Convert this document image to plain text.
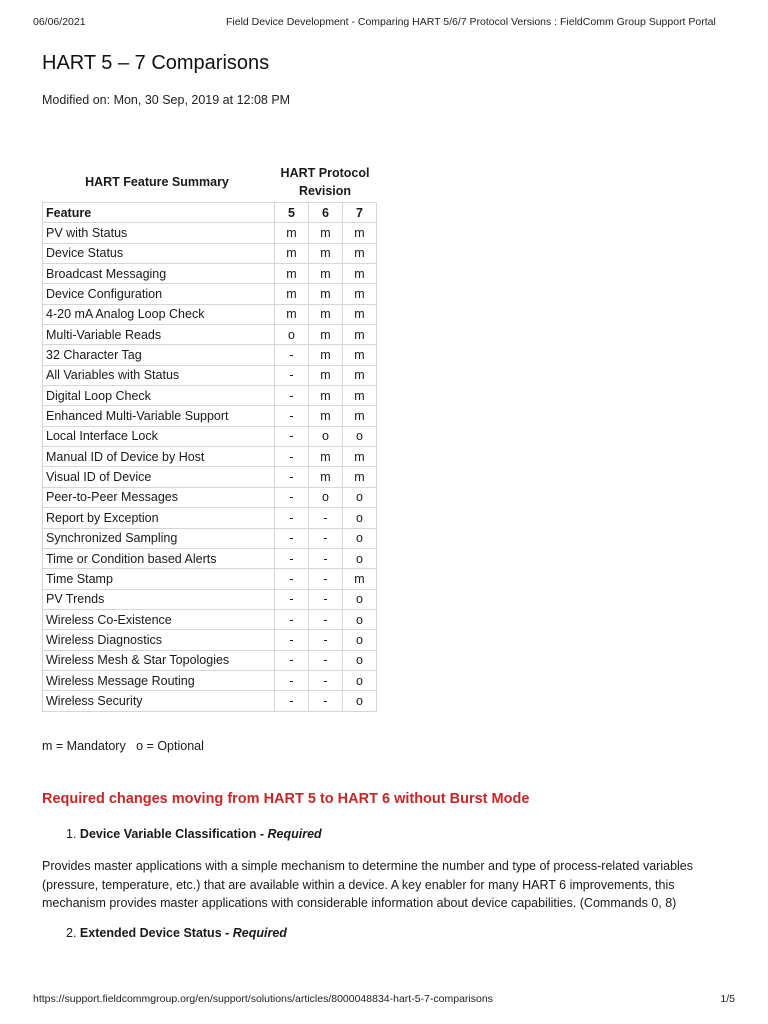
06/06/2021	Field Device Development - Comparing HART 5/6/7 Protocol Versions : FieldComm Group Support Portal
HART 5 – 7 Comparisons
Modified on: Mon, 30 Sep, 2019 at 12:08 PM
HART Feature Summary
HART Protocol
Revision
Feature	5	6	7
PV with Status	m	m	m
Device Status	m	m	m
Broadcast Messaging	m	m	m
Device Configuration	m	m	m
4-20 mA Analog Loop Check	m	m	m
Multi-Variable Reads	o	m	m
32 Character Tag	-	m	m
All Variables with Status	-	m	m
Digital Loop Check	-	m	m
Enhanced Multi-Variable Support	-	m	m
Local Interface Lock	-	o	o
Manual ID of Device by Host	-	m	m
Visual ID of Device	-	m	m
Peer-to-Peer Messages	-	o	o
Report by Exception	-	-	o
Synchronized Sampling	-	-	o
Time or Condition based Alerts	-	-	o
Time Stamp	-	-	m
PV Trends	-	-	o
Wireless Co-Existence	-	-	o
Wireless Diagnostics	-	-	o
Wireless Mesh & Star Topologies	-	-	o
Wireless Message Routing	-	-	o
Wireless Security	-	-	o
m = Mandatory   o = Optional
Required changes moving from HART 5 to HART 6 without Burst Mode
1. Device Variable Classification - Required

Provides master applications with a simple mechanism to determine the number and type of process-related variables (pressure, temperature, etc.) that are available within a device. A key enabler for many HART 6 improvements, this mechanism provides master applications with considerable information about device capabilities. (Commands 0, 8)

2. Extended Device Status - Required
https://support.fieldcommgroup.org/en/support/solutions/articles/8000048834-hart-5-7-comparisons	1/5
